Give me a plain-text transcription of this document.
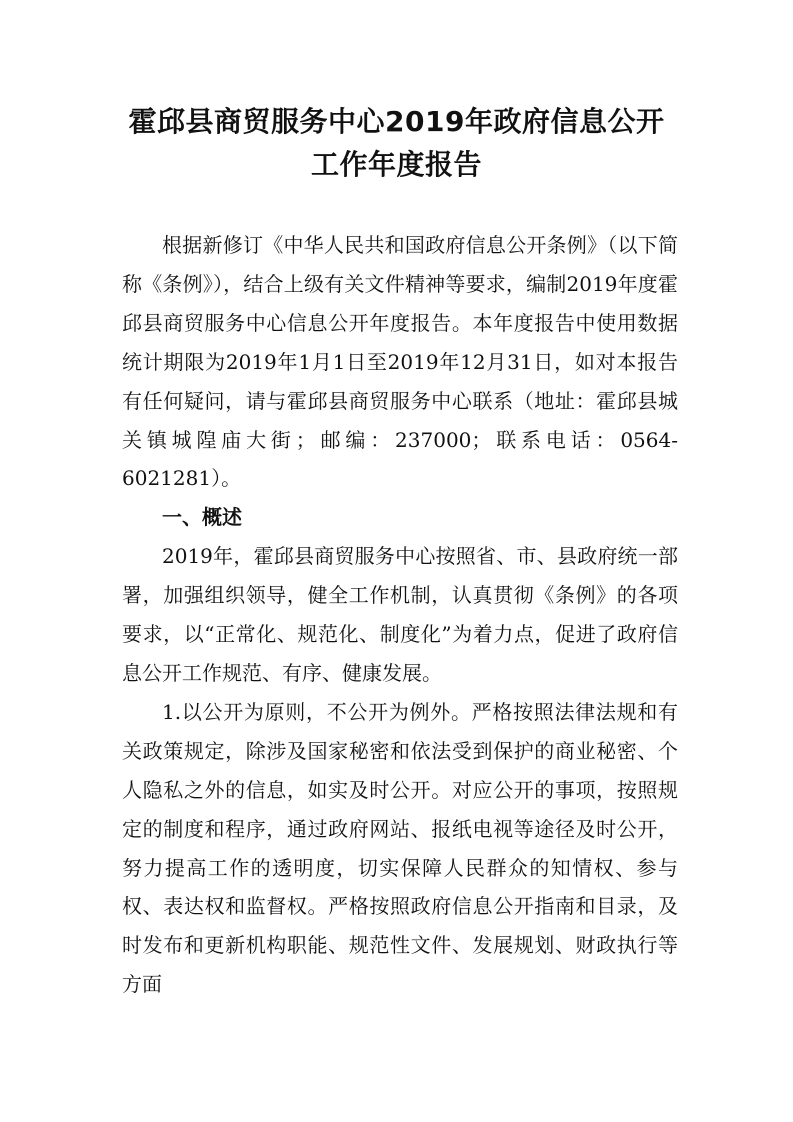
霍邱县商贸服务中心2019年政府信息公开
工作年度报告

根据新修订《中华人民共和国政府信息公开条例》（以下简称《条例》），结合上级有关文件精神等要求，编制2019年度霍邱县商贸服务中心信息公开年度报告。本年度报告中使用数据统计期限为2019年1月1日至2019年12月31日，如对本报告有任何疑问，请与霍邱县商贸服务中心联系（地址：霍邱县城关镇城隍庙大街；邮编：237000；联系电话：0564-6021281）。

一、概述

2019年，霍邱县商贸服务中心按照省、市、县政府统一部署，加强组织领导，健全工作机制，认真贯彻《条例》的各项要求，以“正常化、规范化、制度化”为着力点，促进了政府信息公开工作规范、有序、健康发展。

1.以公开为原则，不公开为例外。严格按照法律法规和有关政策规定，除涉及国家秘密和依法受到保护的商业秘密、个人隐私之外的信息，如实及时公开。对应公开的事项，按照规定的制度和程序，通过政府网站、报纸电视等途径及时公开，努力提高工作的透明度，切实保障人民群众的知情权、参与权、表达权和监督权。严格按照政府信息公开指南和目录，及时发布和更新机构职能、规范性文件、发展规划、财政执行等方面
